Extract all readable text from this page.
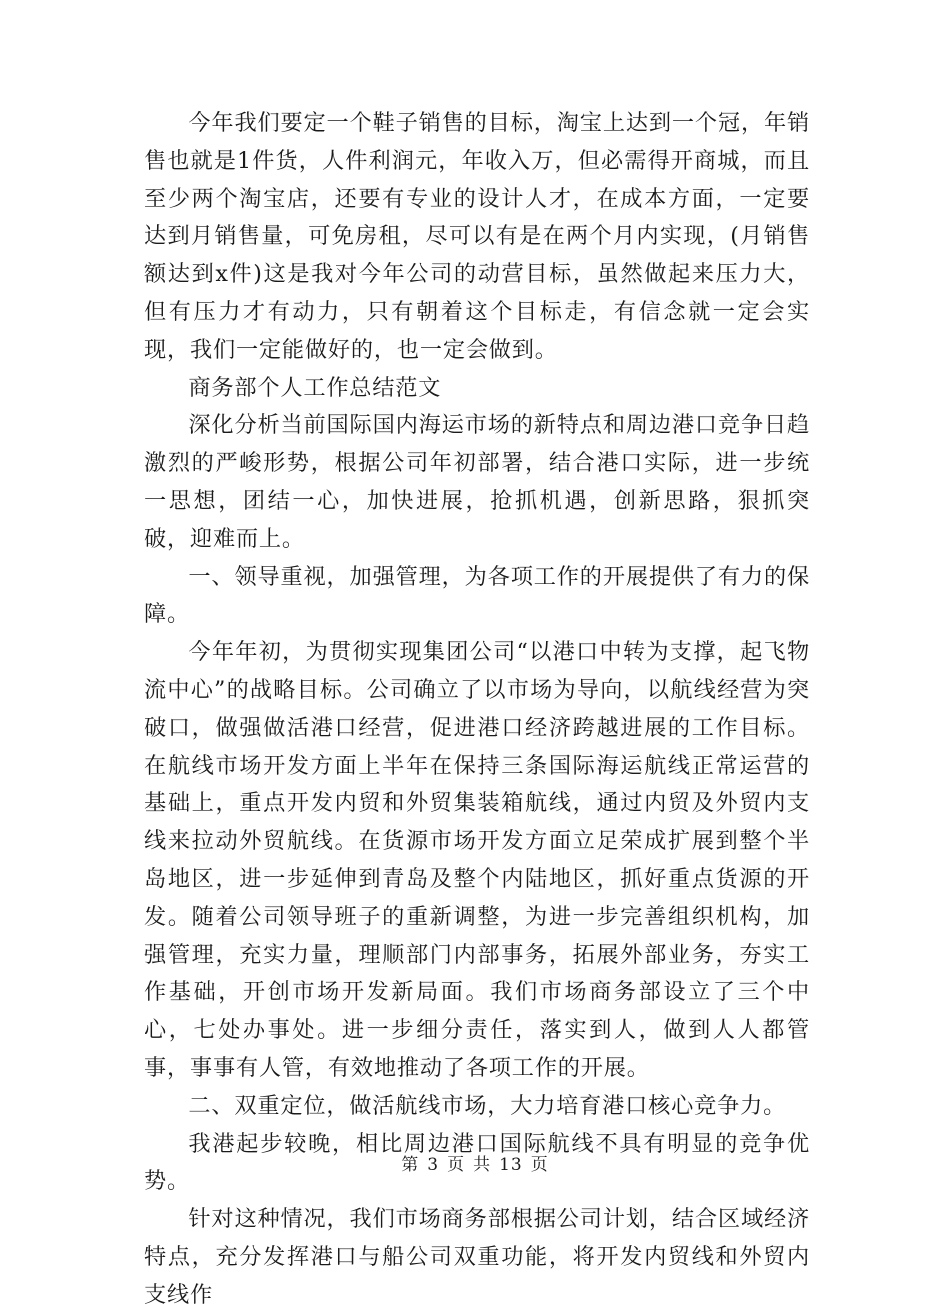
今年我们要定一个鞋子销售的目标，淘宝上达到一个冠，年销售也就是1件货，人件利润元，年收入万，但必需得开商城，而且至少两个淘宝店，还要有专业的设计人才，在成本方面，一定要达到月销售量，可免房租，尽可以有是在两个月内实现，(月销售额达到x件)这是我对今年公司的动营目标，虽然做起来压力大，但有压力才有动力，只有朝着这个目标走，有信念就一定会实现，我们一定能做好的，也一定会做到。

商务部个人工作总结范文

深化分析当前国际国内海运市场的新特点和周边港口竞争日趋激烈的严峻形势，根据公司年初部署，结合港口实际，进一步统一思想，团结一心，加快进展，抢抓机遇，创新思路，狠抓突破，迎难而上。

一、领导重视，加强管理，为各项工作的开展提供了有力的保障。

今年年初，为贯彻实现集团公司“以港口中转为支撑，起飞物流中心”的战略目标。公司确立了以市场为导向，以航线经营为突破口，做强做活港口经营，促进港口经济跨越进展的工作目标。在航线市场开发方面上半年在保持三条国际海运航线正常运营的基础上，重点开发内贸和外贸集装箱航线，通过内贸及外贸内支线来拉动外贸航线。在货源市场开发方面立足荣成扩展到整个半岛地区，进一步延伸到青岛及整个内陆地区，抓好重点货源的开发。随着公司领导班子的重新调整，为进一步完善组织机构，加强管理，充实力量，理顺部门内部事务，拓展外部业务，夯实工作基础，开创市场开发新局面。我们市场商务部设立了三个中心，七处办事处。进一步细分责任，落实到人，做到人人都管事，事事有人管，有效地推动了各项工作的开展。

二、双重定位，做活航线市场，大力培育港口核心竞争力。

我港起步较晚，相比周边港口国际航线不具有明显的竞争优势。

针对这种情况，我们市场商务部根据公司计划，结合区域经济特点，充分发挥港口与船公司双重功能，将开发内贸线和外贸内支线作

第 3 页 共 13 页
